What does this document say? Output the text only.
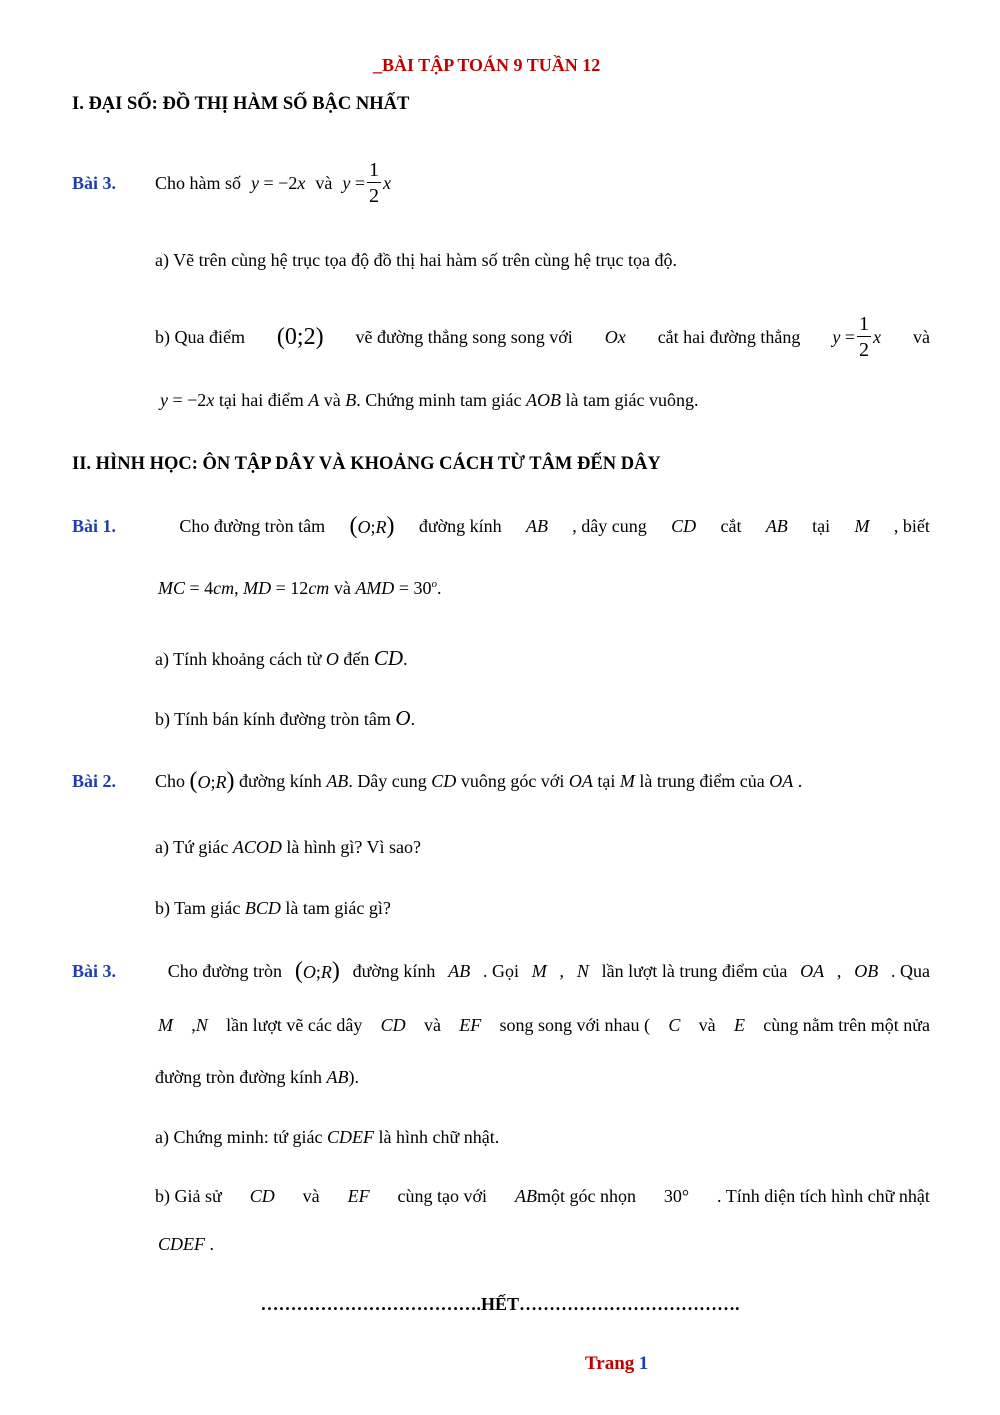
_BÀI TẬP TOÁN 9 TUẦN 12
I. ĐẠI SỐ: ĐỒ THỊ HÀM SỐ BẬC NHẤT
Bài 3.	Cho hàm số y = −2x và $y = \frac{1}{2}$ x
a) Vẽ trên cùng hệ trục tọa độ đồ thị hai hàm số trên cùng hệ trục tọa độ.
b) Qua điểm (0;2) vẽ đường thẳng song song với Ox cắt hai đường thẳng $y = \frac{1}{2}$ x và
y = −2x tại hai điểm A và B. Chứng minh tam giác AOB là tam giác vuông.
II. HÌNH HỌC: ÔN TẬP DÂY VÀ KHOẢNG CÁCH TỪ TÂM ĐẾN DÂY
Bài 1.	Cho đường tròn tâm (O;R) đường kính AB , dây cung CD cắt AB tại M , biết
MC = 4cm, MD = 12cm và AMD = $30^o$.
a) Tính khoảng cách từ O đến CD.
b) Tính bán kính đường tròn tâm O.
Bài 2.	Cho
(O;R)
đường kính
AB . Dây cung
CD
vuông góc với
OA
tại
M
là trung điểm của
OA .
a) Tứ giác ACOD là hình gì? Vì sao?
b) Tam giác BCD là tam giác gì?
Bài 3.	Cho đường tròn (O;R) đường kính AB . Gọi M , N lần lượt là trung điểm của OA , OB . Qua
M ,N lần lượt vẽ các dây CD và EF song song với nhau ( C và E cùng nằm trên một nửa
đường tròn đường kính AB).
a) Chứng minh: tứ giác CDEF là hình chữ nhật.
b) Giả sử CD và EF cùng tạo với ABmột góc nhọn 30° . Tính diện tích hình chữ nhật
CDEF .
……………………………….HẾT……………………………….
Trang 1
